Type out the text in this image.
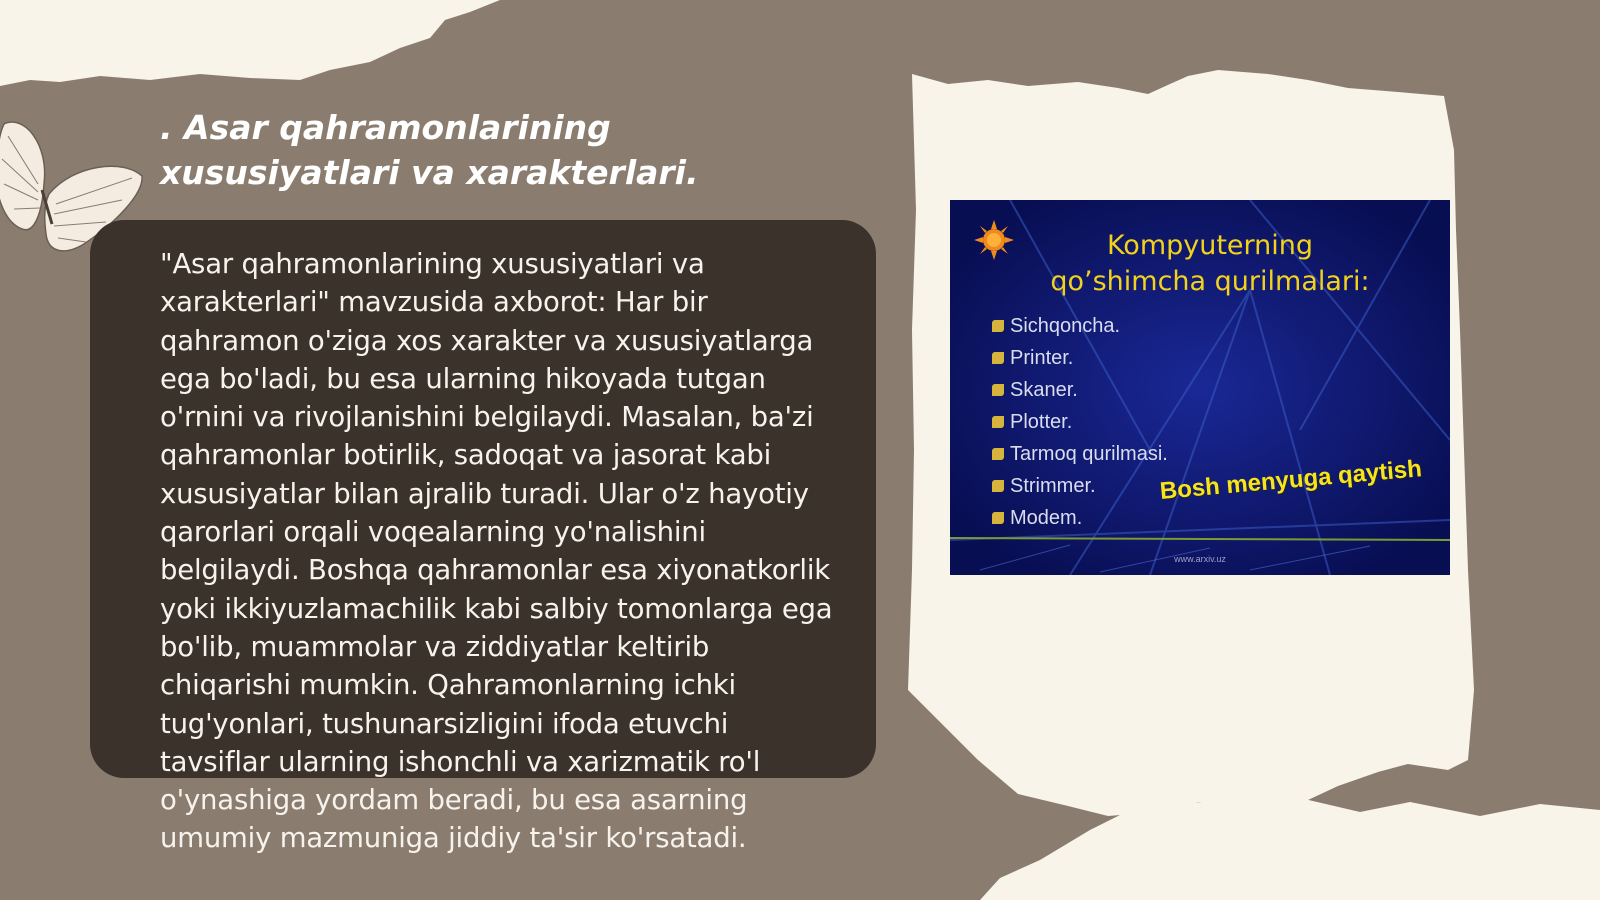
. Asar qahramonlarining xususiyatlari va xarakterlari.
"Asar qahramonlarining xususiyatlari va xarakterlari" mavzusida axborot: Har bir qahramon o'ziga xos xarakter va xususiyatlarga ega bo'ladi, bu esa ularning hikoyada tutgan o'rnini va rivojlanishini belgilaydi. Masalan, ba'zi qahramonlar botirlik, sadoqat va jasorat kabi xususiyatlar bilan ajralib turadi. Ular o'z hayotiy qarorlari orqali voqealarning yo'nalishini belgilaydi. Boshqa qahramonlar esa xiyonatkorlik yoki ikkiyuzlamachilik kabi salbiy tomonlarga ega bo'lib, muammolar va ziddiyatlar keltirib chiqarishi mumkin. Qahramonlarning ichki tug'yonlari, tushunarsizligini ifoda etuvchi tavsiflar ularning ishonchli va xarizmatik ro'l o'ynashiga yordam beradi, bu esa asarning umumiy mazmuniga jiddiy ta'sir ko'rsatadi.
Kompyuterning
qo’shimcha qurilmalari:
Sichqoncha.
Printer.
Skaner.
Plotter.
Tarmoq qurilmasi.
Strimmer.
Modem.
Bosh menyuga qaytish
www.arxiv.uz
